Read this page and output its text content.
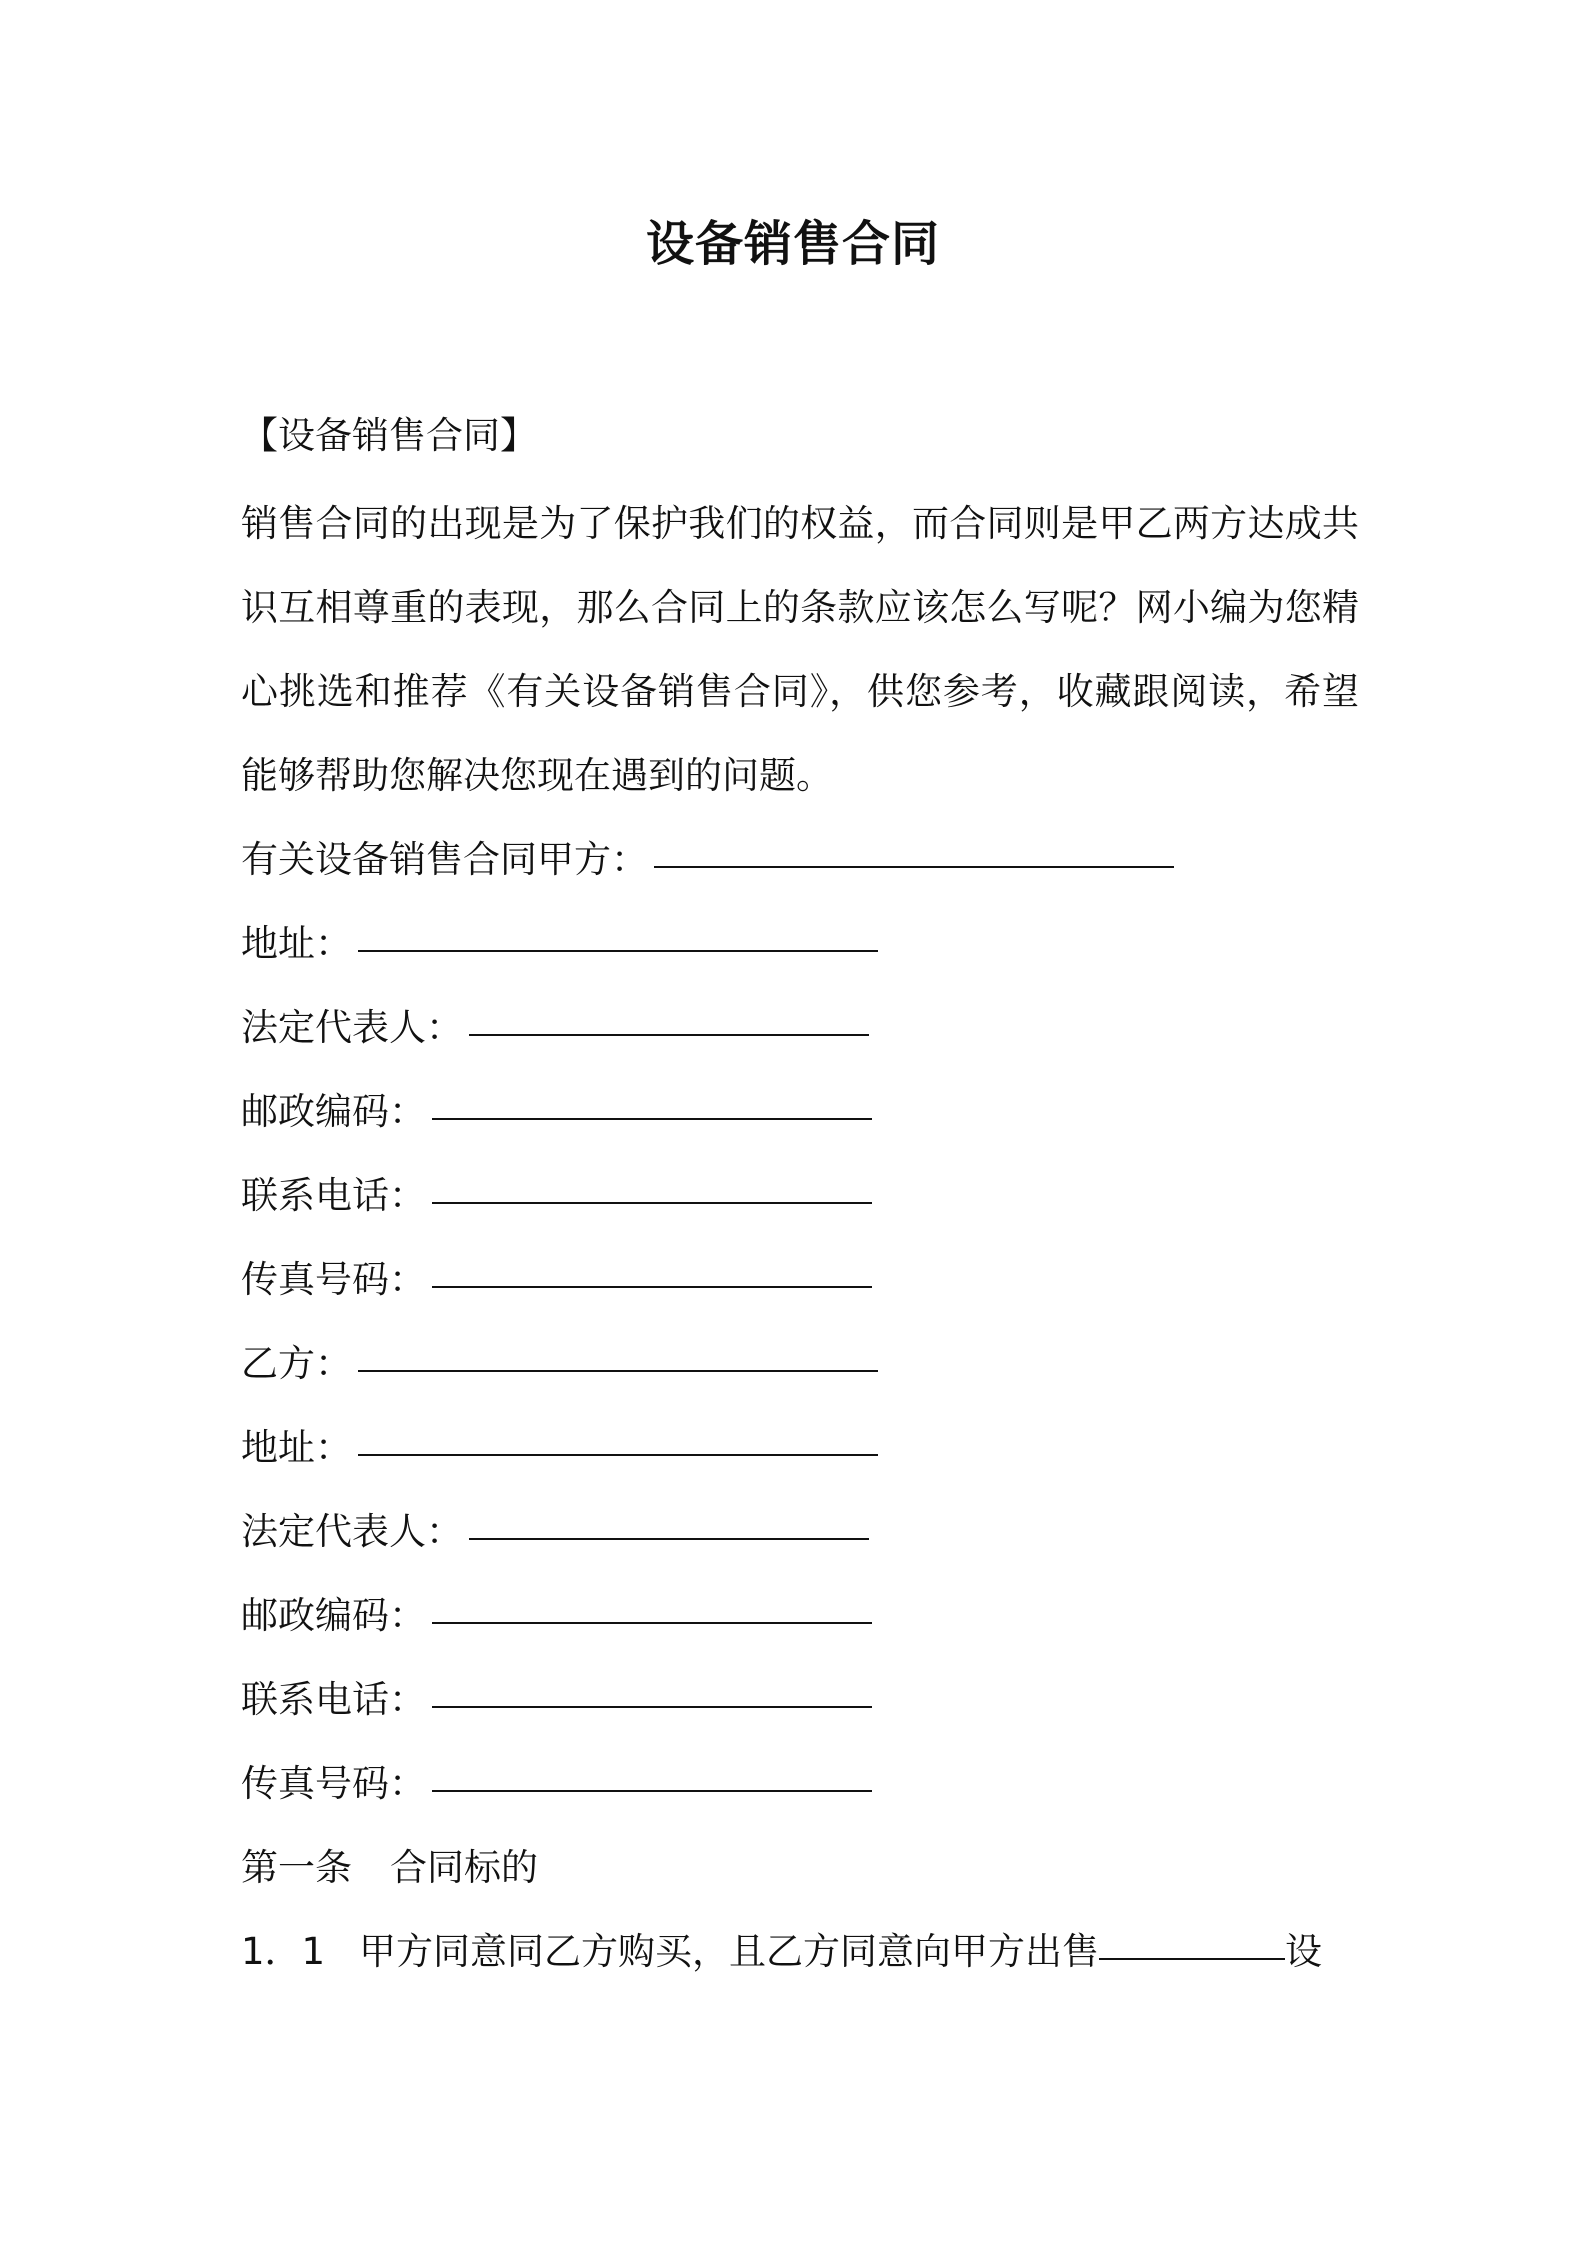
设备销售合同
【设备销售合同】

销售合同的出现是为了保护我们的权益，而合同则是甲乙两方达成共识互相尊重的表现，那么合同上的条款应该怎么写呢？网小编为您精心挑选和推荐《有关设备销售合同》，供您参考，收藏跟阅读，希望能够帮助您解决您现在遇到的问题。

有关设备销售合同甲方：
地址：
法定代表人：
邮政编码：
联系电话：
传真号码：
乙方：
地址：
法定代表人：
邮政编码：
联系电话：
传真号码：
第一条 合同标的
1．1 甲方同意同乙方购买，且乙方同意向甲方出售	设
